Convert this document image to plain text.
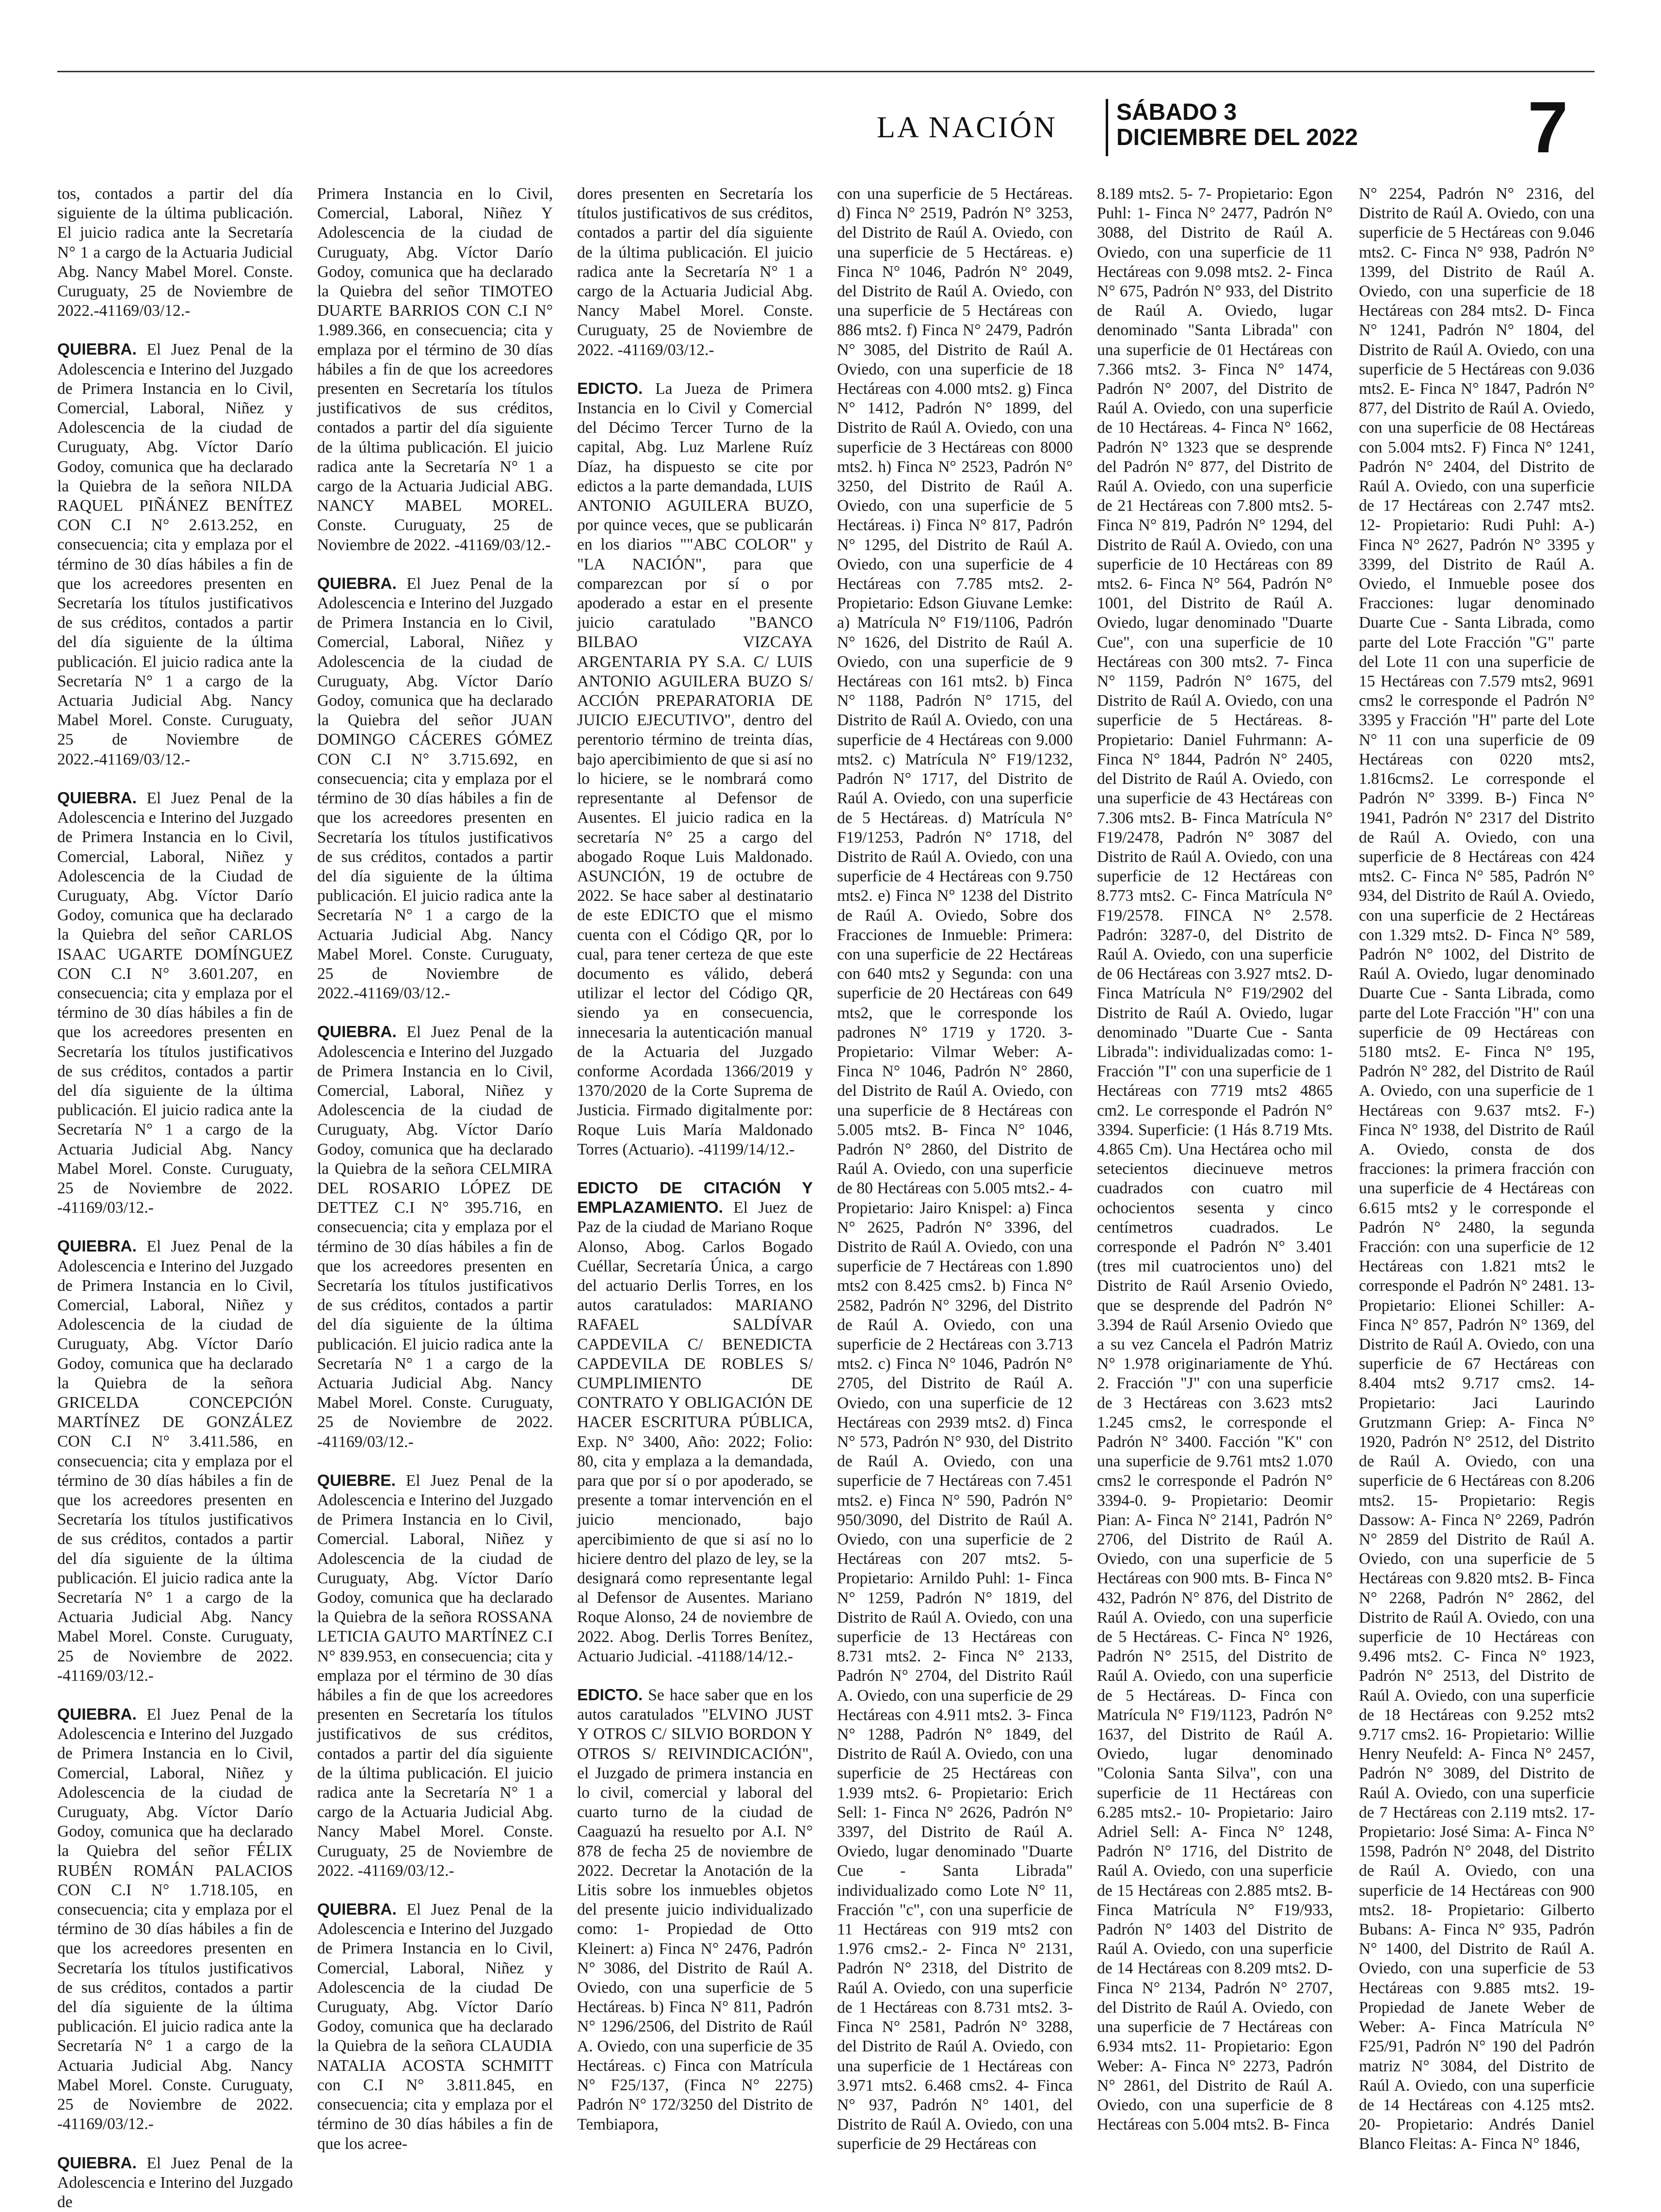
LA NACIÓN	SÁBADO 3
DICIEMBRE DEL 2022 7

tos, contados a partir del día siguiente de la última publicación. El juicio radica ante la Secretaría N° 1 a cargo de la Actuaria Judicial Abg. Nancy Mabel Morel. Conste. Curuguaty, 25 de Noviembre de 2022.-41169/03/12.-

QUIEBRA. El Juez Penal de la Adolescencia e Interino del Juzgado de Primera Instancia en lo Civil, Comercial, Laboral, Niñez y Adolescencia de la ciudad de Curuguaty, Abg. Víctor Darío Godoy, comunica que ha declarado la Quiebra de la señora NILDA RAQUEL PIÑÁNEZ BENÍTEZ CON C.I N° 2.613.252, en consecuencia; cita y emplaza por el término de 30 días hábiles a fin de que los acreedores presenten en Secretaría los títulos justificativos de sus créditos, contados a partir del día siguiente de la última publicación. El juicio radica ante la Secretaría N° 1 a cargo de la Actuaria Judicial Abg. Nancy Mabel Morel. Conste. Curuguaty, 25 de Noviembre de 2022.-41169/03/12.-

QUIEBRA. El Juez Penal de la Adolescencia e Interino del Juzgado de Primera Instancia en lo Civil, Comercial, Laboral, Niñez y Adolescencia de la Ciudad de Curuguaty, Abg. Víctor Darío Godoy, comunica que ha declarado la Quiebra del señor CARLOS ISAAC UGARTE DOMÍNGUEZ CON C.I N° 3.601.207, en consecuencia; cita y emplaza por el término de 30 días hábiles a fin de que los acreedores presenten en Secretaría los títulos justificativos de sus créditos, contados a partir del día siguiente de la última publicación. El juicio radica ante la Secretaría N° 1 a cargo de la Actuaria Judicial Abg. Nancy Mabel Morel. Conste. Curuguaty, 25 de Noviembre de 2022. -41169/03/12.-

QUIEBRA. El Juez Penal de la Adolescencia e Interino del Juzgado de Primera Instancia en lo Civil, Comercial, Laboral, Niñez y Adolescencia de la ciudad de Curuguaty, Abg. Víctor Darío Godoy, comunica que ha declarado la Quiebra de la señora GRICELDA CONCEPCIÓN MARTÍNEZ DE GONZÁLEZ CON C.I N° 3.411.586, en consecuencia; cita y emplaza por el término de 30 días hábiles a fin de que los acreedores presenten en Secretaría los títulos justificativos de sus créditos, contados a partir del día siguiente de la última publicación. El juicio radica ante la Secretaría N° 1 a cargo de la Actuaria Judicial Abg. Nancy Mabel Morel. Conste. Curuguaty, 25 de Noviembre de 2022. -41169/03/12.-

QUIEBRA. El Juez Penal de la Adolescencia e Interino del Juzgado de Primera Instancia en lo Civil, Comercial, Laboral, Niñez y Adolescencia de la ciudad de Curuguaty, Abg. Víctor Darío Godoy, comunica que ha declarado la Quiebra del señor FÉLIX RUBÉN ROMÁN PALACIOS CON C.I N° 1.718.105, en consecuencia; cita y emplaza por el término de 30 días hábiles a fin de que los acreedores presenten en Secretaría los títulos justificativos de sus créditos, contados a partir del día siguiente de la última publicación. El juicio radica ante la Secretaría N° 1 a cargo de la Actuaria Judicial Abg. Nancy Mabel Morel. Conste. Curuguaty, 25 de Noviembre de 2022. -41169/03/12.-

QUIEBRA. El Juez Penal de la Adolescencia e Interino del Juzgado de

Primera Instancia en lo Civil, Comercial, Laboral, Niñez Y Adolescencia de la ciudad de Curuguaty, Abg. Víctor Darío Godoy, comunica que ha declarado la Quiebra del señor TIMOTEO DUARTE BARRIOS CON C.I N° 1.989.366, en consecuencia; cita y emplaza por el término de 30 días hábiles a fin de que los acreedores presenten en Secretaría los títulos justificativos de sus créditos, contados a partir del día siguiente de la última publicación. El juicio radica ante la Secretaría N° 1 a cargo de la Actuaria Judicial ABG. NANCY MABEL MOREL. Conste. Curuguaty, 25 de Noviembre de 2022. -41169/03/12.-

QUIEBRA. El Juez Penal de la Adolescencia e Interino del Juzgado de Primera Instancia en lo Civil, Comercial, Laboral, Niñez y Adolescencia de la ciudad de Curuguaty, Abg. Víctor Darío Godoy, comunica que ha declarado la Quiebra del señor JUAN DOMINGO CÁCERES GÓMEZ CON C.I N° 3.715.692, en consecuencia; cita y emplaza por el término de 30 días hábiles a fin de que los acreedores presenten en Secretaría los títulos justificativos de sus créditos, contados a partir del día siguiente de la última publicación. El juicio radica ante la Secretaría N° 1 a cargo de la Actuaria Judicial Abg. Nancy Mabel Morel. Conste. Curuguaty, 25 de Noviembre de 2022.-41169/03/12.-

QUIEBRA. El Juez Penal de la Adolescencia e Interino del Juzgado de Primera Instancia en lo Civil, Comercial, Laboral, Niñez y Adolescencia de la ciudad de Curuguaty, Abg. Víctor Darío Godoy, comunica que ha declarado la Quiebra de la señora CELMIRA DEL ROSARIO LÓPEZ DE DETTEZ C.I N° 395.716, en consecuencia; cita y emplaza por el término de 30 días hábiles a fin de que los acreedores presenten en Secretaría los títulos justificativos de sus créditos, contados a partir del día siguiente de la última publicación. El juicio radica ante la Secretaría N° 1 a cargo de la Actuaria Judicial Abg. Nancy Mabel Morel. Conste. Curuguaty, 25 de Noviembre de 2022. -41169/03/12.-

QUIEBRE. El Juez Penal de la Adolescencia e Interino del Juzgado de Primera Instancia en lo Civil, Comercial. Laboral, Niñez y Adolescencia de la ciudad de Curuguaty, Abg. Víctor Darío Godoy, comunica que ha declarado la Quiebra de la señora ROSSANA LETICIA GAUTO MARTÍNEZ C.I N° 839.953, en consecuencia; cita y emplaza por el término de 30 días hábiles a fin de que los acreedores presenten en Secretaría los títulos justificativos de sus créditos, contados a partir del día siguiente de la última publicación. El juicio radica ante la Secretaría N° 1 a cargo de la Actuaria Judicial Abg. Nancy Mabel Morel. Conste. Curuguaty, 25 de Noviembre de 2022. -41169/03/12.-

QUIEBRA. El Juez Penal de la Adolescencia e Interino del Juzgado de Primera Instancia en lo Civil, Comercial, Laboral, Niñez y Adolescencia de la ciudad De Curuguaty, Abg. Víctor Darío Godoy, comunica que ha declarado la Quiebra de la señora CLAUDIA NATALIA ACOSTA SCHMITT con C.I N° 3.811.845, en consecuencia; cita y emplaza por el término de 30 días hábiles a fin de que los acree-

dores presenten en Secretaría los títulos justificativos de sus créditos, contados a partir del día siguiente de la última publicación. El juicio radica ante la Secretaría N° 1 a cargo de la Actuaria Judicial Abg. Nancy Mabel Morel. Conste. Curuguaty, 25 de Noviembre de 2022. -41169/03/12.-

EDICTO. La Jueza de Primera Instancia en lo Civil y Comercial del Décimo Tercer Turno de la capital, Abg. Luz Marlene Ruíz Díaz, ha dispuesto se cite por edictos a la parte demandada, LUIS ANTONIO AGUILERA BUZO, por quince veces, que se publicarán en los diarios ""ABC COLOR" y "LA NACIÓN", para que comparezcan por sí o por apoderado a estar en el presente juicio caratulado "BANCO BILBAO VIZCAYA ARGENTARIA PY S.A. C/ LUIS ANTONIO AGUILERA BUZO S/ ACCIÓN PREPARATORIA DE JUICIO EJECUTIVO", dentro del perentorio término de treinta días, bajo apercibimiento de que si así no lo hiciere, se le nombrará como representante al Defensor de Ausentes. El juicio radica en la secretaría N° 25 a cargo del abogado Roque Luis Maldonado. ASUNCIÓN, 19 de octubre de 2022. Se hace saber al destinatario de este EDICTO que el mismo cuenta con el Código QR, por lo cual, para tener certeza de que este documento es válido, deberá utilizar el lector del Código QR, siendo ya en consecuencia, innecesaria la autenticación manual de la Actuaria del Juzgado conforme Acordada 1366/2019 y 1370/2020 de la Corte Suprema de Justicia. Firmado digitalmente por: Roque Luis María Maldonado Torres (Actuario). -41199/14/12.-

EDICTO DE CITACIÓN Y EMPLAZAMIENTO. El Juez de Paz de la ciudad de Mariano Roque Alonso, Abog. Carlos Bogado Cuéllar, Secretaría Única, a cargo del actuario Derlis Torres, en los autos caratulados: MARIANO RAFAEL SALDÍVAR CAPDEVILA C/ BENEDICTA CAPDEVILA DE ROBLES S/ CUMPLIMIENTO DE CONTRATO Y OBLIGACIÓN DE HACER ESCRITURA PÚBLICA, Exp. N° 3400, Año: 2022; Folio: 80, cita y emplaza a la demandada, para que por sí o por apoderado, se presente a tomar intervención en el juicio mencionado, bajo apercibimiento de que si así no lo hiciere dentro del plazo de ley, se la designará como representante legal al Defensor de Ausentes. Mariano Roque Alonso, 24 de noviembre de 2022. Abog. Derlis Torres Benítez, Actuario Judicial. -41188/14/12.-

EDICTO. Se hace saber que en los autos caratulados "ELVINO JUST Y OTROS C/ SILVIO BORDON Y OTROS S/ REIVINDICACIÓN", el Juzgado de primera instancia en lo civil, comercial y laboral del cuarto turno de la ciudad de Caaguazú ha resuelto por A.I. N° 878 de fecha 25 de noviembre de 2022. Decretar la Anotación de la Litis sobre los inmuebles objetos del presente juicio individualizado como: 1- Propiedad de Otto Kleinert: a) Finca N° 2476, Padrón N° 3086, del Distrito de Raúl A. Oviedo, con una superficie de 5 Hectáreas. b) Finca N° 811, Padrón N° 1296/2506, del Distrito de Raúl A. Oviedo, con una superficie de 35 Hectáreas. c) Finca con Matrícula N° F25/137, (Finca N° 2275) Padrón N° 172/3250 del Distrito de Tembiapora,

con una superficie de 5 Hectáreas. d) Finca N° 2519, Padrón N° 3253, del Distrito de Raúl A. Oviedo, con una superficie de 5 Hectáreas. e) Finca N° 1046, Padrón N° 2049, del Distrito de Raúl A. Oviedo, con una superficie de 5 Hectáreas con 886 mts2. f) Finca N° 2479, Padrón N° 3085, del Distrito de Raúl A. Oviedo, con una superficie de 18 Hectáreas con 4.000 mts2. g) Finca N° 1412, Padrón N° 1899, del Distrito de Raúl A. Oviedo, con una superficie de 3 Hectáreas con 8000 mts2. h) Finca N° 2523, Padrón N° 3250, del Distrito de Raúl A. Oviedo, con una superficie de 5 Hectáreas. i) Finca N° 817, Padrón N° 1295, del Distrito de Raúl A. Oviedo, con una superficie de 4 Hectáreas con 7.785 mts2. 2- Propietario: Edson Giuvane Lemke: a) Matrícula N° F19/1106, Padrón N° 1626, del Distrito de Raúl A. Oviedo, con una superficie de 9 Hectáreas con 161 mts2. b) Finca N° 1188, Padrón N° 1715, del Distrito de Raúl A. Oviedo, con una superficie de 4 Hectáreas con 9.000 mts2. c) Matrícula N° F19/1232, Padrón N° 1717, del Distrito de Raúl A. Oviedo, con una superficie de 5 Hectáreas. d) Matrícula N° F19/1253, Padrón N° 1718, del Distrito de Raúl A. Oviedo, con una superficie de 4 Hectáreas con 9.750 mts2. e) Finca N° 1238 del Distrito de Raúl A. Oviedo, Sobre dos Fracciones de Inmueble: Primera: con una superficie de 22 Hectáreas con 640 mts2 y Segunda: con una superficie de 20 Hectáreas con 649 mts2, que le corresponde los padrones N° 1719 y 1720. 3- Propietario: Vilmar Weber: A- Finca N° 1046, Padrón N° 2860, del Distrito de Raúl A. Oviedo, con una superficie de 8 Hectáreas con 5.005 mts2. B- Finca N° 1046, Padrón N° 2860, del Distrito de Raúl A. Oviedo, con una superficie de 80 Hectáreas con 5.005 mts2.- 4- Propietario: Jairo Knispel: a) Finca N° 2625, Padrón N° 3396, del Distrito de Raúl A. Oviedo, con una superficie de 7 Hectáreas con 1.890 mts2 con 8.425 cms2. b) Finca N° 2582, Padrón N° 3296, del Distrito de Raúl A. Oviedo, con una superficie de 2 Hectáreas con 3.713 mts2. c) Finca N° 1046, Padrón N° 2705, del Distrito de Raúl A. Oviedo, con una superficie de 12 Hectáreas con 2939 mts2. d) Finca N° 573, Padrón N° 930, del Distrito de Raúl A. Oviedo, con una superficie de 7 Hectáreas con 7.451 mts2. e) Finca N° 590, Padrón N° 950/3090, del Distrito de Raúl A. Oviedo, con una superficie de 2 Hectáreas con 207 mts2. 5- Propietario: Arnildo Puhl: 1- Finca N° 1259, Padrón N° 1819, del Distrito de Raúl A. Oviedo, con una superficie de 13 Hectáreas con 8.731 mts2. 2- Finca N° 2133, Padrón N° 2704, del Distrito Raúl A. Oviedo, con una superficie de 29 Hectáreas con 4.911 mts2. 3- Finca N° 1288, Padrón N° 1849, del Distrito de Raúl A. Oviedo, con una superficie de 25 Hectáreas con 1.939 mts2. 6- Propietario: Erich Sell: 1- Finca N° 2626, Padrón N° 3397, del Distrito de Raúl A. Oviedo, lugar denominado "Duarte Cue - Santa Librada" individualizado como Lote N° 11, Fracción "c", con una superficie de 11 Hectáreas con 919 mts2 con 1.976 cms2.- 2- Finca N° 2131, Padrón N° 2318, del Distrito de Raúl A. Oviedo, con una superficie de 1 Hectáreas con 8.731 mts2. 3- Finca N° 2581, Padrón N° 3288, del Distrito de Raúl A. Oviedo, con una superficie de 1 Hectáreas con 3.971 mts2. 6.468 cms2. 4- Finca N° 937, Padrón N° 1401, del Distrito de Raúl A. Oviedo, con una superficie de 29 Hectáreas con

8.189 mts2. 5- 7- Propietario: Egon Puhl: 1- Finca N° 2477, Padrón N° 3088, del Distrito de Raúl A. Oviedo, con una superficie de 11 Hectáreas con 9.098 mts2. 2- Finca N° 675, Padrón N° 933, del Distrito de Raúl A. Oviedo, lugar denominado "Santa Librada" con una superficie de 01 Hectáreas con 7.366 mts2. 3- Finca N° 1474, Padrón N° 2007, del Distrito de Raúl A. Oviedo, con una superficie de 10 Hectáreas. 4- Finca N° 1662, Padrón N° 1323 que se desprende del Padrón N° 877, del Distrito de Raúl A. Oviedo, con una superficie de 21 Hectáreas con 7.800 mts2. 5- Finca N° 819, Padrón N° 1294, del Distrito de Raúl A. Oviedo, con una superficie de 10 Hectáreas con 89 mts2. 6- Finca N° 564, Padrón N° 1001, del Distrito de Raúl A. Oviedo, lugar denominado "Duarte Cue", con una superficie de 10 Hectáreas con 300 mts2. 7- Finca N° 1159, Padrón N° 1675, del Distrito de Raúl A. Oviedo, con una superficie de 5 Hectáreas. 8- Propietario: Daniel Fuhrmann: A- Finca N° 1844, Padrón N° 2405, del Distrito de Raúl A. Oviedo, con una superficie de 43 Hectáreas con 7.306 mts2. B- Finca Matrícula N° F19/2478, Padrón N° 3087 del Distrito de Raúl A. Oviedo, con una superficie de 12 Hectáreas con 8.773 mts2. C- Finca Matrícula N° F19/2578. FINCA N° 2.578. Padrón: 3287-0, del Distrito de Raúl A. Oviedo, con una superficie de 06 Hectáreas con 3.927 mts2. D- Finca Matrícula N° F19/2902 del Distrito de Raúl A. Oviedo, lugar denominado "Duarte Cue - Santa Librada": individualizadas como: 1- Fracción "I" con una superficie de 1 Hectáreas con 7719 mts2 4865 cm2. Le corresponde el Padrón N° 3394. Superficie: (1 Hás 8.719 Mts. 4.865 Cm). Una Hectárea ocho mil setecientos diecinueve metros cuadrados con cuatro mil ochocientos sesenta y cinco centímetros cuadrados. Le corresponde el Padrón N° 3.401 (tres mil cuatrocientos uno) del Distrito de Raúl Arsenio Oviedo, que se desprende del Padrón N° 3.394 de Raúl Arsenio Oviedo que a su vez Cancela el Padrón Matriz N° 1.978 originariamente de Yhú. 2. Fracción "J" con una superficie de 3 Hectáreas con 3.623 mts2 1.245 cms2, le corresponde el Padrón N° 3400. Facción "K" con una superficie de 9.761 mts2 1.070 cms2 le corresponde el Padrón N° 3394-0. 9- Propietario: Deomir Pian: A- Finca N° 2141, Padrón N° 2706, del Distrito de Raúl A. Oviedo, con una superficie de 5 Hectáreas con 900 mts. B- Finca N° 432, Padrón N° 876, del Distrito de Raúl A. Oviedo, con una superficie de 5 Hectáreas. C- Finca N° 1926, Padrón N° 2515, del Distrito de Raúl A. Oviedo, con una superficie de 5 Hectáreas. D- Finca con Matrícula N° F19/1123, Padrón N° 1637, del Distrito de Raúl A. Oviedo, lugar denominado "Colonia Santa Silva", con una superficie de 11 Hectáreas con 6.285 mts2.- 10- Propietario: Jairo Adriel Sell: A- Finca N° 1248, Padrón N° 1716, del Distrito de Raúl A. Oviedo, con una superficie de 15 Hectáreas con 2.885 mts2. B- Finca Matrícula N° F19/933, Padrón N° 1403 del Distrito de Raúl A. Oviedo, con una superficie de 14 Hectáreas con 8.209 mts2. D- Finca N° 2134, Padrón N° 2707, del Distrito de Raúl A. Oviedo, con una superficie de 7 Hectáreas con 6.934 mts2. 11- Propietario: Egon Weber: A- Finca N° 2273, Padrón N° 2861, del Distrito de Raúl A. Oviedo, con una superficie de 8 Hectáreas con 5.004 mts2. B- Finca

N° 2254, Padrón N° 2316, del Distrito de Raúl A. Oviedo, con una superficie de 5 Hectáreas con 9.046 mts2. C- Finca N° 938, Padrón N° 1399, del Distrito de Raúl A. Oviedo, con una superficie de 18 Hectáreas con 284 mts2. D- Finca N° 1241, Padrón N° 1804, del Distrito de Raúl A. Oviedo, con una superficie de 5 Hectáreas con 9.036 mts2. E- Finca N° 1847, Padrón N° 877, del Distrito de Raúl A. Oviedo, con una superficie de 08 Hectáreas con 5.004 mts2. F) Finca N° 1241, Padrón N° 2404, del Distrito de Raúl A. Oviedo, con una superficie de 17 Hectáreas con 2.747 mts2. 12- Propietario: Rudi Puhl: A-) Finca N° 2627, Padrón N° 3395 y 3399, del Distrito de Raúl A. Oviedo, el Inmueble posee dos Fracciones: lugar denominado Duarte Cue - Santa Librada, como parte del Lote Fracción "G" parte del Lote 11 con una superficie de 15 Hectáreas con 7.579 mts2, 9691 cms2 le corresponde el Padrón N° 3395 y Fracción "H" parte del Lote N° 11 con una superficie de 09 Hectáreas con 0220 mts2, 1.816cms2. Le corresponde el Padrón N° 3399. B-) Finca N° 1941, Padrón N° 2317 del Distrito de Raúl A. Oviedo, con una superficie de 8 Hectáreas con 424 mts2. C- Finca N° 585, Padrón N° 934, del Distrito de Raúl A. Oviedo, con una superficie de 2 Hectáreas con 1.329 mts2. D- Finca N° 589, Padrón N° 1002, del Distrito de Raúl A. Oviedo, lugar denominado Duarte Cue - Santa Librada, como parte del Lote Fracción "H" con una superficie de 09 Hectáreas con 5180 mts2. E- Finca N° 195, Padrón N° 282, del Distrito de Raúl A. Oviedo, con una superficie de 1 Hectáreas con 9.637 mts2. F-) Finca N° 1938, del Distrito de Raúl A. Oviedo, consta de dos fracciones: la primera fracción con una superficie de 4 Hectáreas con 6.615 mts2 y le corresponde el Padrón N° 2480, la segunda Fracción: con una superficie de 12 Hectáreas con 1.821 mts2 le corresponde el Padrón N° 2481. 13- Propietario: Elionei Schiller: A- Finca N° 857, Padrón N° 1369, del Distrito de Raúl A. Oviedo, con una superficie de 67 Hectáreas con 8.404 mts2 9.717 cms2. 14- Propietario: Jaci Laurindo Grutzmann Griep: A- Finca N° 1920, Padrón N° 2512, del Distrito de Raúl A. Oviedo, con una superficie de 6 Hectáreas con 8.206 mts2. 15- Propietario: Regis Dassow: A- Finca N° 2269, Padrón N° 2859 del Distrito de Raúl A. Oviedo, con una superficie de 5 Hectáreas con 9.820 mts2. B- Finca N° 2268, Padrón N° 2862, del Distrito de Raúl A. Oviedo, con una superficie de 10 Hectáreas con 9.496 mts2. C- Finca N° 1923, Padrón N° 2513, del Distrito de Raúl A. Oviedo, con una superficie de 18 Hectáreas con 9.252 mts2 9.717 cms2. 16- Propietario: Willie Henry Neufeld: A- Finca N° 2457, Padrón N° 3089, del Distrito de Raúl A. Oviedo, con una superficie de 7 Hectáreas con 2.119 mts2. 17- Propietario: José Sima: A- Finca N° 1598, Padrón N° 2048, del Distrito de Raúl A. Oviedo, con una superficie de 14 Hectáreas con 900 mts2. 18- Propietario: Gilberto Bubans: A- Finca N° 935, Padrón N° 1400, del Distrito de Raúl A. Oviedo, con una superficie de 53 Hectáreas con 9.885 mts2. 19- Propiedad de Janete Weber de Weber: A- Finca Matrícula N° F25/91, Padrón N° 190 del Padrón matriz N° 3084, del Distrito de Raúl A. Oviedo, con una superficie de 14 Hectáreas con 4.125 mts2. 20- Propietario: Andrés Daniel Blanco Fleitas: A- Finca N° 1846,
